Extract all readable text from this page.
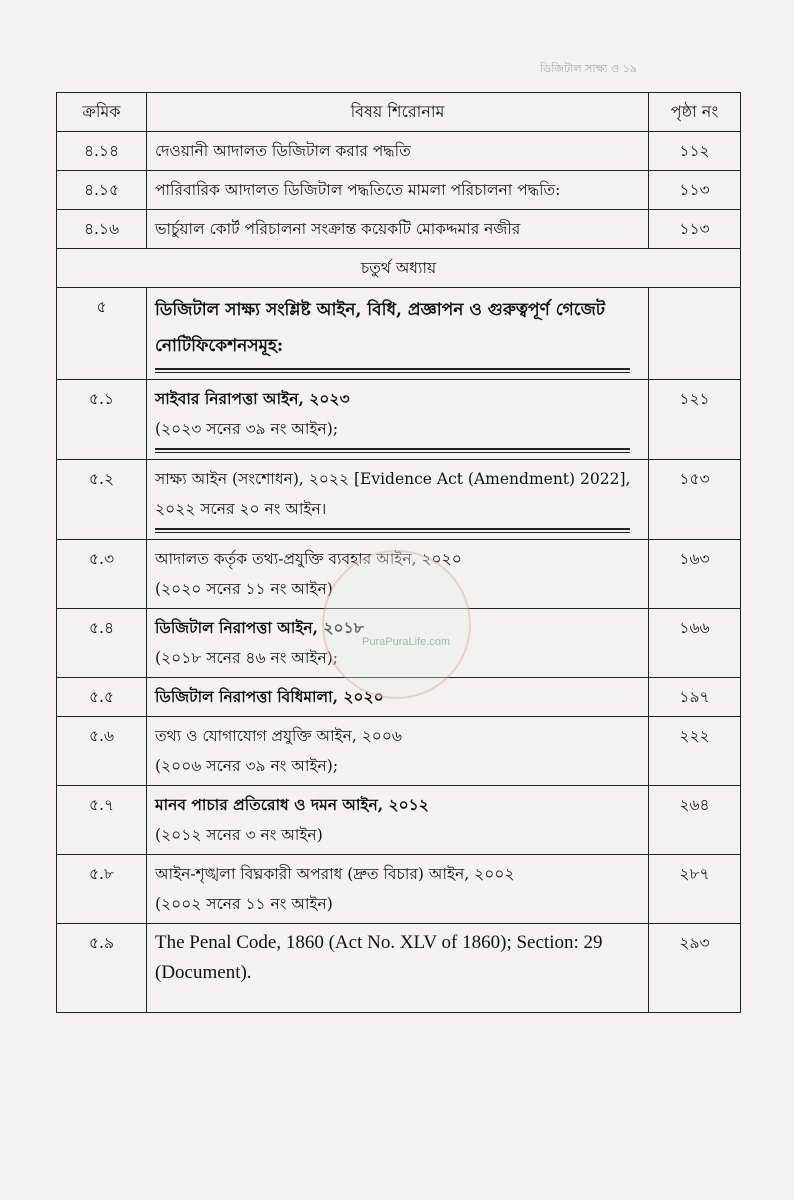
ডিজিটাল সাক্ষ্য ও ১৯
ক্রমিক	বিষয় শিরোনাম	পৃষ্ঠা নং
৪.১৪	দেওয়ানী আদালত ডিজিটাল করার পদ্ধতি	১১২
৪.১৫	পারিবারিক আদালত ডিজিটাল পদ্ধতিতে মামলা পরিচালনা পদ্ধতি:	১১৩
৪.১৬	ভার্চুয়াল কোর্ট পরিচালনা সংক্রান্ত কয়েকটি মোকদ্দমার নজীর	১১৩
চতুর্থ অধ্যায়		
৫	ডিজিটাল সাক্ষ্য সংশ্লিষ্ট আইন, বিধি, প্রজ্ঞাপন ও গুরুত্বপূর্ণ গেজেট নোটিফিকেশনসমূহ:	

৫.১	সাইবার নিরাপত্তা আইন, ২০২৩
(২০২৩ সনের ৩৯ নং আইন);	১২১
৫.২	সাক্ষ্য আইন (সংশোধন), ২০২২ [Evidence Act (Amendment) 2022], ২০২২ সনের ২০ নং আইন।	১৫৩
৫.৩	আদালত কর্তৃক তথ্য-প্রযুক্তি ব্যবহার আইন, ২০২০
(২০২০ সনের ১১ নং আইন)	১৬৩
৫.৪	ডিজিটাল নিরাপত্তা আইন, ২০১৮
(২০১৮ সনের ৪৬ নং আইন);	১৬৬
৫.৫	ডিজিটাল নিরাপত্তা বিধিমালা, ২০২০	১৯৭
৫.৬	তথ্য ও যোগাযোগ প্রযুক্তি আইন, ২০০৬
(২০০৬ সনের ৩৯ নং আইন);	২২২
৫.৭	মানব পাচার প্রতিরোধ ও দমন আইন, ২০১২
(২০১২ সনের ৩ নং আইন)	২৬৪
৫.৮	আইন-শৃঙ্খলা বিঘ্নকারী অপরাধ (দ্রুত বিচার) আইন, ২০০২
(২০০২ সনের ১১ নং আইন)	২৮৭
৫.৯	The Penal Code, 1860 (Act No. XLV of 1860); Section: 29 (Document).	২৯৩
PuraPuraLife.com
